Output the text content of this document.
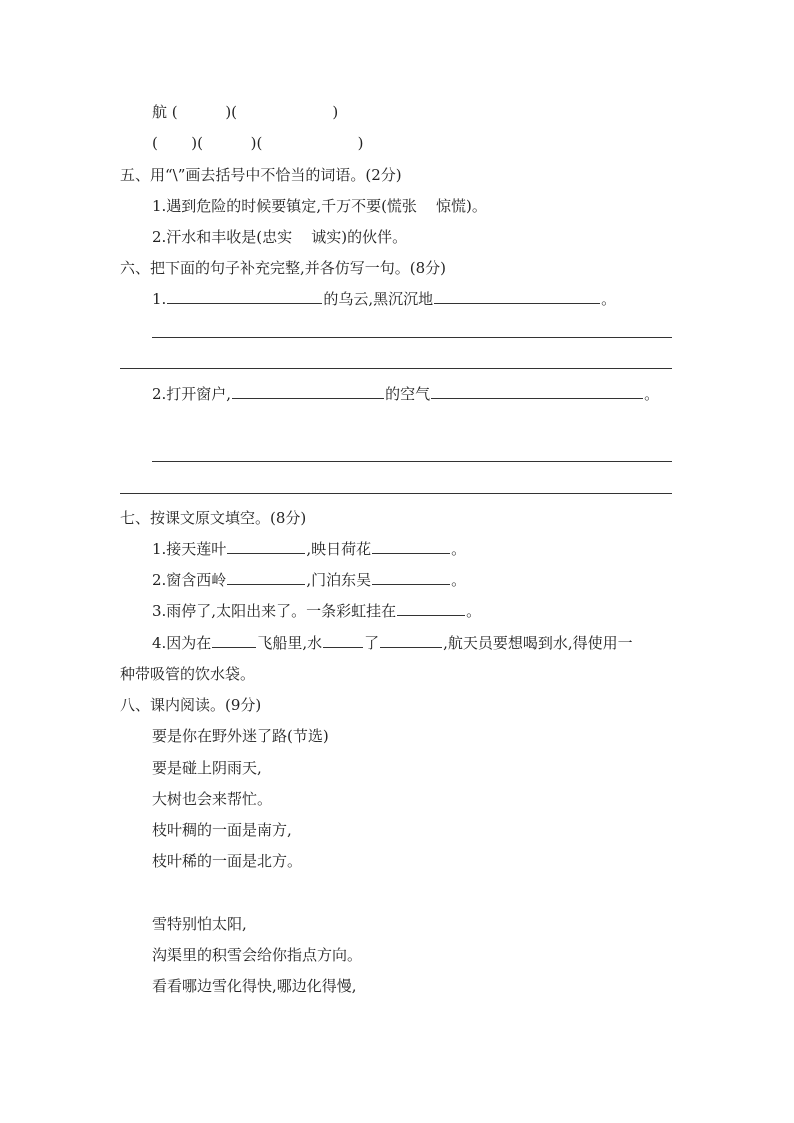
航 (          )(                    )
(       )(          )(                    )
五、用“\”画去括号中不恰当的词语。(2分)
1.遇到危险的时候要镇定,千万不要(慌张    惊慌)。
2.汗水和丰收是(忠实    诚实)的伙伴。
六、把下面的句子补充完整,并各仿写一句。(8分)
1.	的乌云,黑沉沉地	。
2.打开窗户,	的空气	。
七、按课文原文填空。(8分)
1.接天莲叶	,映日荷花	。
2.窗含西岭	,门泊东吴	。
3.雨停了,太阳出来了。一条彩虹挂在	。
4.因为在	飞船里,水	了	,航天员要想喝到水,得使用一
种带吸管的饮水袋。
八、课内阅读。(9分)
要是你在野外迷了路(节选)
要是碰上阴雨天,
大树也会来帮忙。
枝叶稠的一面是南方,
枝叶稀的一面是北方。
雪特别怕太阳,
沟渠里的积雪会给你指点方向。
看看哪边雪化得快,哪边化得慢,
